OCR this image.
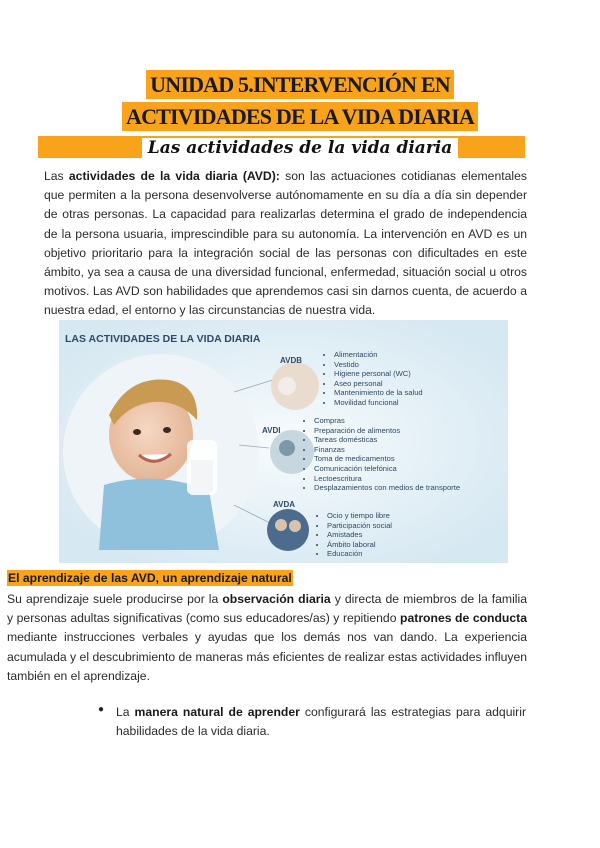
UNIDAD 5.INTERVENCIÓN EN
ACTIVIDADES DE LA VIDA DIARIA
Las actividades de la vida diaria
Las actividades de la vida diaria (AVD): son las actuaciones cotidianas elementales que permiten a la persona desenvolverse autónomamente en su día a día sin depender de otras personas. La capacidad para realizarlas determina el grado de independencia de la persona usuaria, imprescindible para su autonomía. La intervención en AVD es un objetivo prioritario para la integración social de las personas con dificultades en este ámbito, ya sea a causa de una diversidad funcional, enfermedad, situación social u otros motivos. Las AVD son habilidades que aprendemos casi sin darnos cuenta, de acuerdo a nuestra edad, el entorno y las circunstancias de nuestra vida.
LAS ACTIVIDADES DE LA VIDA DIARIA
AVDB
• Alimentación
• Vestido
• Higiene personal (WC)
• Aseo personal
• Mantenimiento de la salud
• Movilidad funcional
AVDI
• Compras
• Preparación de alimentos
• Tareas domésticas
• Finanzas
• Toma de medicamentos
• Comunicación telefónica
• Lectoescritura
• Desplazamientos con medios de transporte
AVDA
• Ocio y tiempo libre
• Participación social
• Amistades
• Ámbito laboral
• Educación
El aprendizaje de las AVD, un aprendizaje natural
Su aprendizaje suele producirse por la observación diaria y directa de miembros de la familia y personas adultas significativas (como sus educadores/as) y repitiendo patrones de conducta mediante instrucciones verbales y ayudas que los demás nos van dando. La experiencia acumulada y el descubrimiento de maneras más eficientes de realizar estas actividades influyen también en el aprendizaje.
● La manera natural de aprender configurará las estrategias para adquirir habilidades de la vida diaria.
